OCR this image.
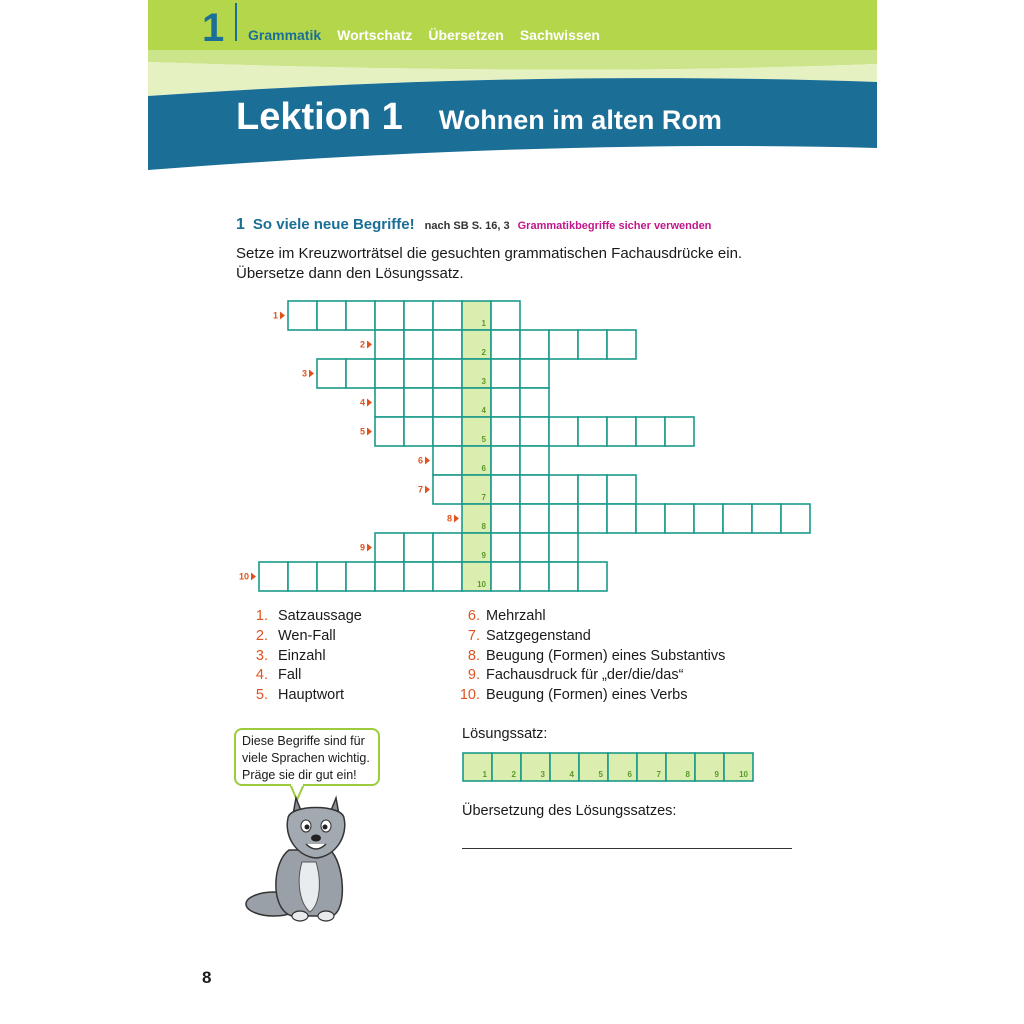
1 Grammatik Wortschatz Übersetzen Sachwissen
Lektion 1 Wohnen im alten Rom
1 So viele neue Begriffe! nach SB S. 16, 3 Grammatikbegriffe sicher verwenden
Setze im Kreuzworträtsel die gesuchten grammatischen Fachausdrücke ein.
Übersetze dann den Lösungssatz.
1
1
2
2
3
3
4
4
5
5
6
6
7
7
8
8
9
9
10
10
1. Satzaussage
2. Wen-Fall
3. Einzahl
4. Fall
5. Hauptwort
6. Mehrzahl
7. Satzgegenstand
8. Beugung (Formen) eines Substantivs
9. Fachausdruck für „der/die/das“
10. Beugung (Formen) eines Verbs
Diese Begriffe sind für
viele Sprachen wichtig.
Präge sie dir gut ein!
Lösungssatz:
1	2	3	4	5	6	7	8	9	10
Übersetzung des Lösungssatzes:
8
